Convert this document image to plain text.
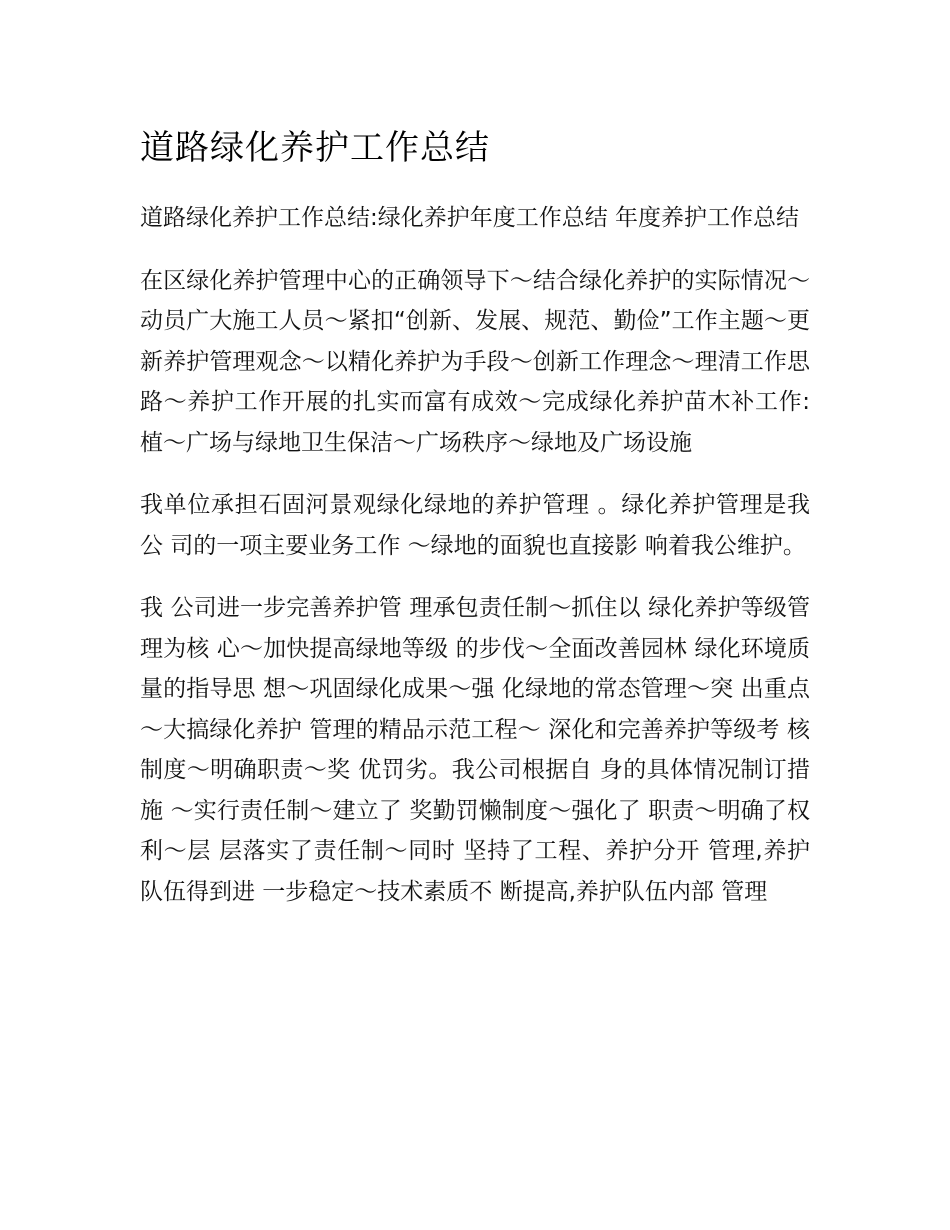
道路绿化养护工作总结

道路绿化养护工作总结:绿化养护年度工作总结 年度养护工作总结

在区绿化养护管理中心的正确领导下～结合绿化养护的实际情况～动员广大施工人员～紧扣“创新、发展、规范、勤俭”工作主题～更新养护管理观念～以精化养护为手段～创新工作理念～理清工作思路～养护工作开展的扎实而富有成效～完成绿化养护苗木补工作:植～广场与绿地卫生保洁～广场秩序～绿地及广场设施

我单位承担石固河景观绿化绿地的养护管理 。绿化养护管理是我公 司的一项主要业务工作 ～绿地的面貌也直接影 响着我公维护。

我 公司进一步完善养护管 理承包责任制～抓住以 绿化养护等级管理为核 心～加快提高绿地等级 的步伐～全面改善园林 绿化环境质量的指导思 想～巩固绿化成果～强 化绿地的常态管理～突 出重点～大搞绿化养护 管理的精品示范工程～ 深化和完善养护等级考 核制度～明确职责～奖 优罚劣。我公司根据自 身的具体情况制订措施 ～实行责任制～建立了 奖勤罚懒制度～强化了 职责～明确了权利～层 层落实了责任制～同时 坚持了工程、养护分开 管理,养护队伍得到进 一步稳定～技术素质不 断提高,养护队伍内部 管理
